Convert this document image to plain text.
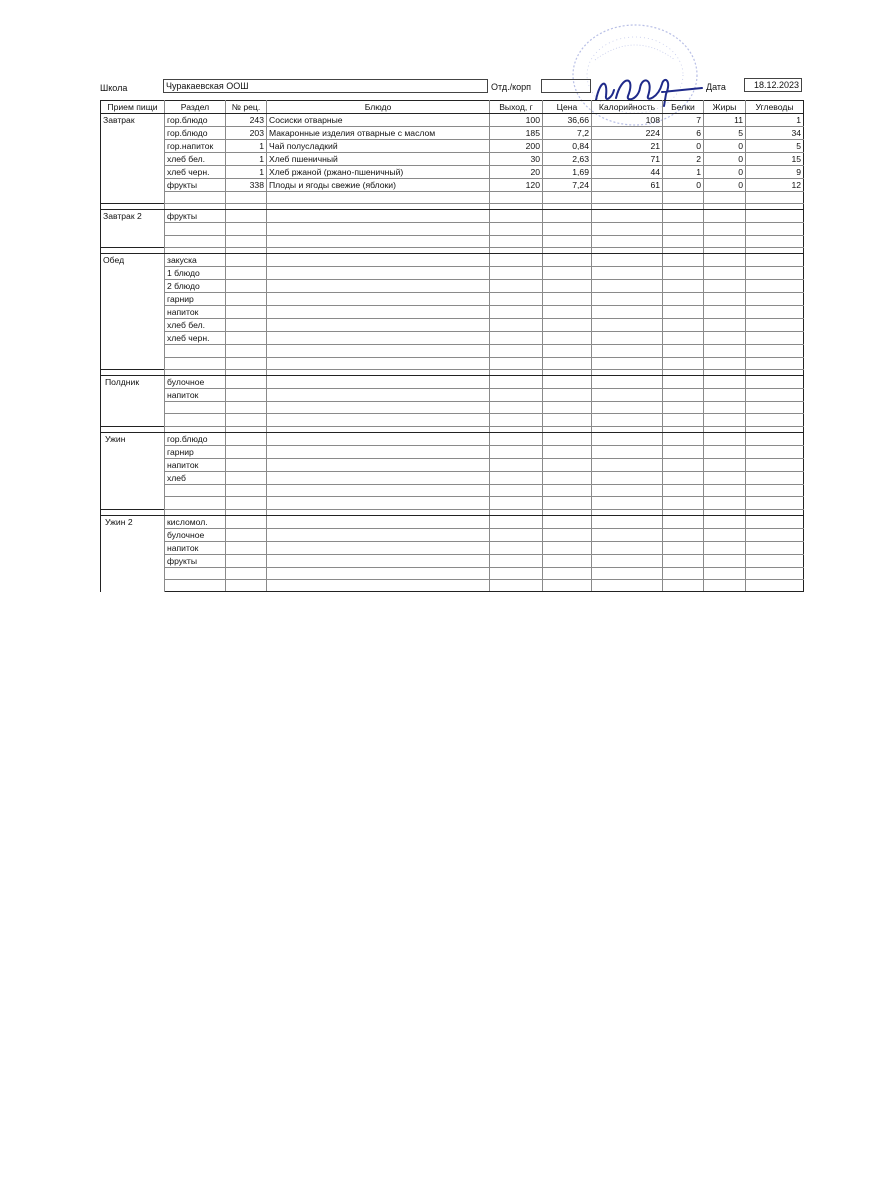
Школа	Чуракаевская ООШ	Отд./корп	Дата	18.12.2023
Прием пищи	Раздел	№ рец.	Блюдо	Выход, г	Цена	Калорийность	Белки	Жиры	Углеводы
Завтрак	гор.блюдо	243	Сосиски отварные	100	36,66	108	7	11	1
	гор.блюдо	203	Макаронные изделия отварные с маслом	185	7,2	224	6	5	34
	гор.напиток	1	Чай полусладкий	200	0,84	21	0	0	5
	хлеб бел.	1	Хлеб пшеничный	30	2,63	71	2	0	15
	хлеб черн.	1	Хлеб ржаной (ржано-пшеничный)	20	1,69	44	1	0	9
	фрукты	338	Плоды и ягоды свежие (яблоки)	120	7,24	61	0	0	12

Завтрак 2	фрукты								

Обед	закуска								
	1 блюдо								
	2 блюдо								
	гарнир								
	напиток								
	хлеб бел.								
	хлеб черн.								

Полдник	булочное								
	напиток								

Ужин	гор.блюдо								
	гарнир								
	напиток								
	хлеб								

Ужин 2	кисломол.								
	булочное								
	напиток								
	фрукты								
